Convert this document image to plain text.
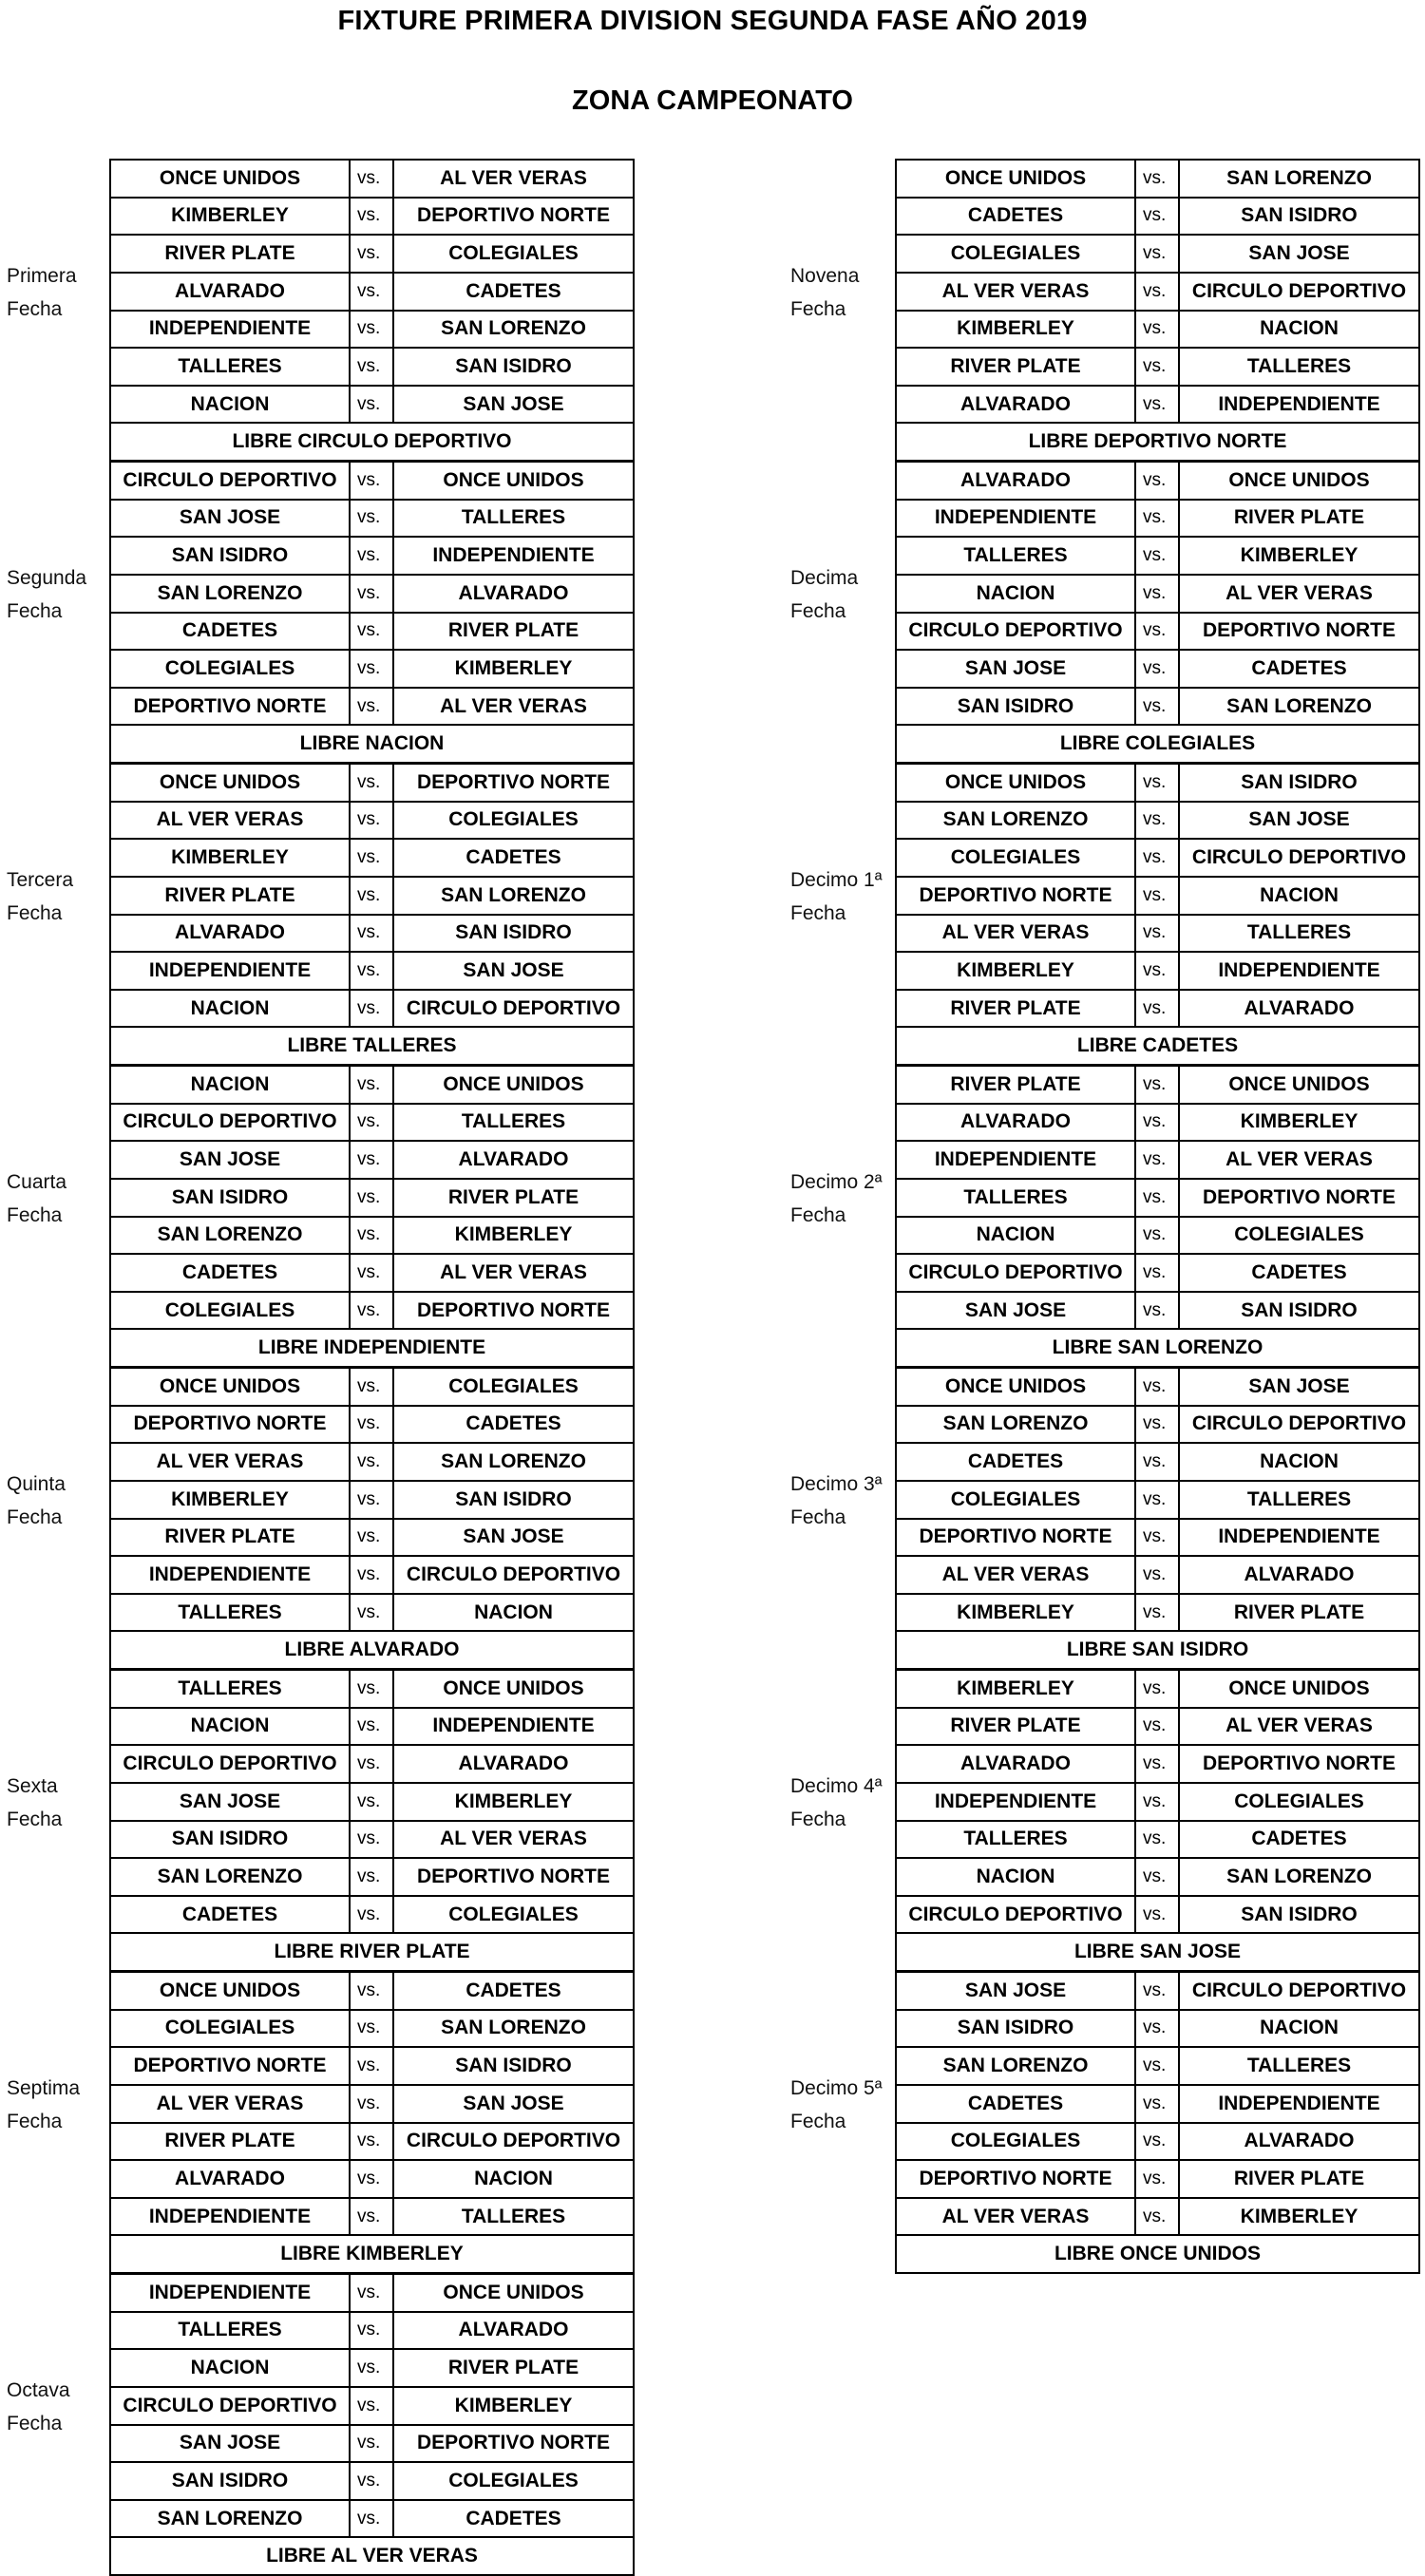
FIXTURE PRIMERA DIVISION SEGUNDA FASE AÑO 2019
ZONA CAMPEONATO
Primera
Fecha
ONCE UNIDOS	vs.	AL VER VERAS
KIMBERLEY	vs.	DEPORTIVO NORTE
RIVER PLATE	vs.	COLEGIALES
ALVARADO	vs.	CADETES
INDEPENDIENTE	vs.	SAN LORENZO
TALLERES	vs.	SAN ISIDRO
NACION	vs.	SAN JOSE
LIBRE CIRCULO DEPORTIVO		
Segunda
Fecha
CIRCULO DEPORTIVO	vs.	ONCE UNIDOS
SAN JOSE	vs.	TALLERES
SAN ISIDRO	vs.	INDEPENDIENTE
SAN LORENZO	vs.	ALVARADO
CADETES	vs.	RIVER PLATE
COLEGIALES	vs.	KIMBERLEY
DEPORTIVO NORTE	vs.	AL VER VERAS
LIBRE NACION		
Tercera
Fecha
ONCE UNIDOS	vs.	DEPORTIVO NORTE
AL VER VERAS	vs.	COLEGIALES
KIMBERLEY	vs.	CADETES
RIVER PLATE	vs.	SAN LORENZO
ALVARADO	vs.	SAN ISIDRO
INDEPENDIENTE	vs.	SAN JOSE
NACION	vs.	CIRCULO DEPORTIVO
LIBRE TALLERES		
Cuarta
Fecha
NACION	vs.	ONCE UNIDOS
CIRCULO DEPORTIVO	vs.	TALLERES
SAN JOSE	vs.	ALVARADO
SAN ISIDRO	vs.	RIVER PLATE
SAN LORENZO	vs.	KIMBERLEY
CADETES	vs.	AL VER VERAS
COLEGIALES	vs.	DEPORTIVO NORTE
LIBRE INDEPENDIENTE		
Quinta
Fecha
ONCE UNIDOS	vs.	COLEGIALES
DEPORTIVO NORTE	vs.	CADETES
AL VER VERAS	vs.	SAN LORENZO
KIMBERLEY	vs.	SAN ISIDRO
RIVER PLATE	vs.	SAN JOSE
INDEPENDIENTE	vs.	CIRCULO DEPORTIVO
TALLERES	vs.	NACION
LIBRE ALVARADO		
Sexta
Fecha
TALLERES	vs.	ONCE UNIDOS
NACION	vs.	INDEPENDIENTE
CIRCULO DEPORTIVO	vs.	ALVARADO
SAN JOSE	vs.	KIMBERLEY
SAN ISIDRO	vs.	AL VER VERAS
SAN LORENZO	vs.	DEPORTIVO NORTE
CADETES	vs.	COLEGIALES
LIBRE RIVER PLATE		
Septima
Fecha
ONCE UNIDOS	vs.	CADETES
COLEGIALES	vs.	SAN LORENZO
DEPORTIVO NORTE	vs.	SAN ISIDRO
AL VER VERAS	vs.	SAN JOSE
RIVER PLATE	vs.	CIRCULO DEPORTIVO
ALVARADO	vs.	NACION
INDEPENDIENTE	vs.	TALLERES
LIBRE KIMBERLEY		
Octava
Fecha
INDEPENDIENTE	vs.	ONCE UNIDOS
TALLERES	vs.	ALVARADO
NACION	vs.	RIVER PLATE
CIRCULO DEPORTIVO	vs.	KIMBERLEY
SAN JOSE	vs.	DEPORTIVO NORTE
SAN ISIDRO	vs.	COLEGIALES
SAN LORENZO	vs.	CADETES
LIBRE AL VER VERAS		
Novena
Fecha
ONCE UNIDOS	vs.	SAN LORENZO
CADETES	vs.	SAN ISIDRO
COLEGIALES	vs.	SAN JOSE
AL VER VERAS	vs.	CIRCULO DEPORTIVO
KIMBERLEY	vs.	NACION
RIVER PLATE	vs.	TALLERES
ALVARADO	vs.	INDEPENDIENTE
LIBRE DEPORTIVO NORTE		
Decima
Fecha
ALVARADO	vs.	ONCE UNIDOS
INDEPENDIENTE	vs.	RIVER PLATE
TALLERES	vs.	KIMBERLEY
NACION	vs.	AL VER VERAS
CIRCULO DEPORTIVO	vs.	DEPORTIVO NORTE
SAN JOSE	vs.	CADETES
SAN ISIDRO	vs.	SAN LORENZO
LIBRE COLEGIALES		
Decimo 1ª
Fecha
ONCE UNIDOS	vs.	SAN ISIDRO
SAN LORENZO	vs.	SAN JOSE
COLEGIALES	vs.	CIRCULO DEPORTIVO
DEPORTIVO NORTE	vs.	NACION
AL VER VERAS	vs.	TALLERES
KIMBERLEY	vs.	INDEPENDIENTE
RIVER PLATE	vs.	ALVARADO
LIBRE CADETES		
Decimo 2ª
Fecha
RIVER PLATE	vs.	ONCE UNIDOS
ALVARADO	vs.	KIMBERLEY
INDEPENDIENTE	vs.	AL VER VERAS
TALLERES	vs.	DEPORTIVO NORTE
NACION	vs.	COLEGIALES
CIRCULO DEPORTIVO	vs.	CADETES
SAN JOSE	vs.	SAN ISIDRO
LIBRE SAN LORENZO		
Decimo 3ª
Fecha
ONCE UNIDOS	vs.	SAN JOSE
SAN LORENZO	vs.	CIRCULO DEPORTIVO
CADETES	vs.	NACION
COLEGIALES	vs.	TALLERES
DEPORTIVO NORTE	vs.	INDEPENDIENTE
AL VER VERAS	vs.	ALVARADO
KIMBERLEY	vs.	RIVER PLATE
LIBRE SAN ISIDRO		
Decimo 4ª
Fecha
KIMBERLEY	vs.	ONCE UNIDOS
RIVER PLATE	vs.	AL VER VERAS
ALVARADO	vs.	DEPORTIVO NORTE
INDEPENDIENTE	vs.	COLEGIALES
TALLERES	vs.	CADETES
NACION	vs.	SAN LORENZO
CIRCULO DEPORTIVO	vs.	SAN ISIDRO
LIBRE SAN JOSE		
Decimo 5ª
Fecha
SAN JOSE	vs.	CIRCULO DEPORTIVO
SAN ISIDRO	vs.	NACION
SAN LORENZO	vs.	TALLERES
CADETES	vs.	INDEPENDIENTE
COLEGIALES	vs.	ALVARADO
DEPORTIVO NORTE	vs.	RIVER PLATE
AL VER VERAS	vs.	KIMBERLEY
LIBRE ONCE UNIDOS		
